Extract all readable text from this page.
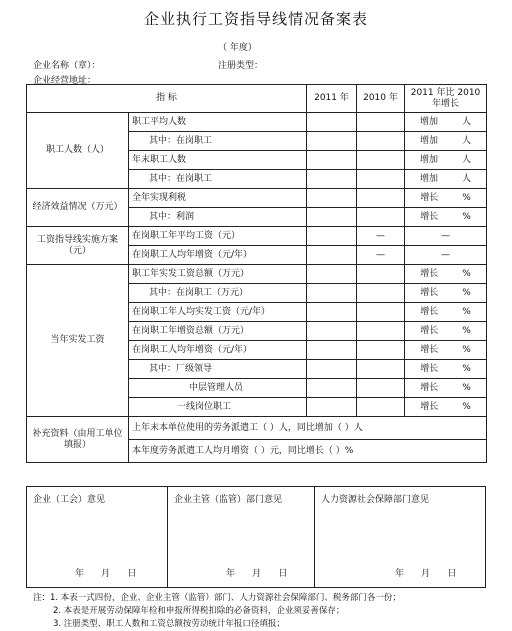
企业执行工资指导线情况备案表
（ 年度）
企业名称（章）：	注册类型：
企业经营地址：
指 标		2011 年	2010 年	2011 年比 2010 年增长
职工人数（人）	职工平均人数			增加 人
	其中：在岗职工			增加 人
	年末职工人数			增加 人
	其中：在岗职工			增加 人
经济效益情况（万元）	全年实现利税			增长 %
	其中：利润			增长 %
工资指导线实施方案（元）	在岗职工年平均工资（元）		—	—
	在岗职工人均年增资（元/年）		—	—
当年实发工资	职工年实发工资总额（万元）			增长 %
	其中：在岗职工（万元）			增长 %
	在岗职工年人均实发工资（元/年）			增长 %
	在岗职工年增资总额（万元）			增长 %
	在岗职工人均年增资（元/年）			增长 %
	其中：厂级领导			增长 %
	中层管理人员			增长 %
	一线岗位职工			增长 %
补充资料（由用工单位填报）	上年末本单位使用的劳务派遣工（ ）人，同比增加（ ）人			
	本年度劳务派遣工人均月增资（ ）元，同比增长（ ）%			
企业（工会）意见
年      月      日
企业主管（监管）部门意见
年      月      日
人力资源社会保障部门意见
年      月      日
注：1. 本表一式四份，企业、企业主管（监管）部门、人力资源社会保障部门、税务部门各一份；
2. 本表是开展劳动保障年检和申报所得税扣除的必备资料，企业须妥善保存；
3. 注册类型、职工人数和工资总额按劳动统计年报口径填报；
